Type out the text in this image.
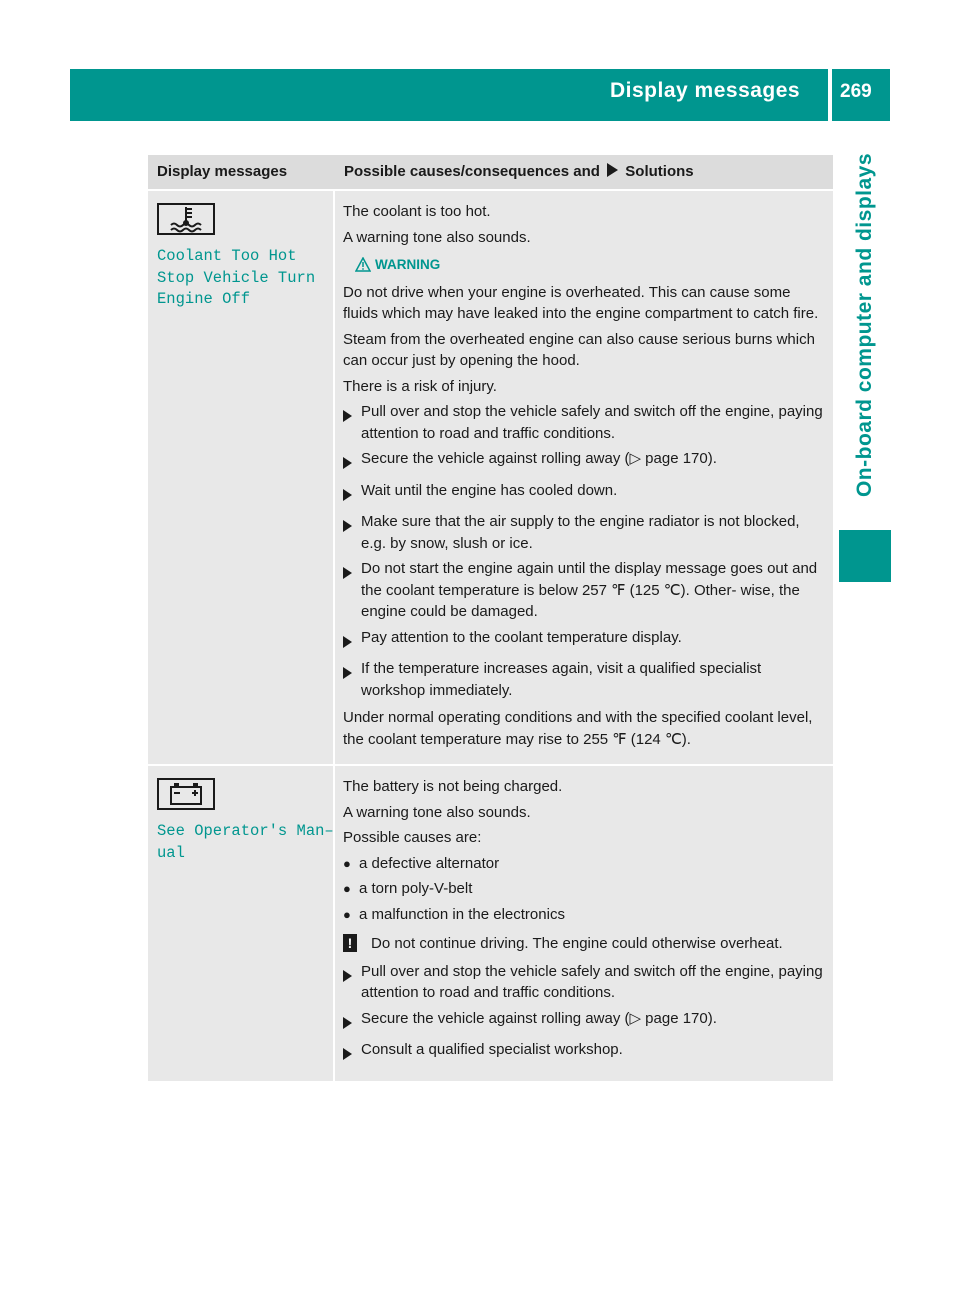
Display messages 269
On-board computer and displays
Display messages	Possible causes/consequences and Solutions
Coolant Too Hot
Stop Vehicle Turn
Engine Off

The coolant is too hot.

A warning tone also sounds.

WARNING

Do not drive when your engine is overheated. This can cause some fluids which may have leaked into the engine compartment to catch fire.

Steam from the overheated engine can also cause serious burns which can occur just by opening the hood.

There is a risk of injury.

Pull over and stop the vehicle safely and switch off the engine, paying attention to road and traffic conditions.
Secure the vehicle against rolling away (▷ page 170).
Wait until the engine has cooled down.
Make sure that the air supply to the engine radiator is not blocked, e.g. by snow, slush or ice.
Do not start the engine again until the display message goes out and the coolant temperature is below 257 ℉ (125 ℃). Other- wise, the engine could be damaged.
Pay attention to the coolant temperature display.
If the temperature increases again, visit a qualified specialist workshop immediately.

Under normal operating conditions and with the specified coolant level, the coolant temperature may rise to 255 ℉ (124 ℃).

See Operator's Man–
ual

The battery is not being charged.

A warning tone also sounds.

Possible causes are:

● a defective alternator
● a torn poly-V-belt
● a malfunction in the electronics
!	Do not continue driving. The engine could otherwise overheat.
Pull over and stop the vehicle safely and switch off the engine, paying attention to road and traffic conditions.
Secure the vehicle against rolling away (▷ page 170).
Consult a qualified specialist workshop.
